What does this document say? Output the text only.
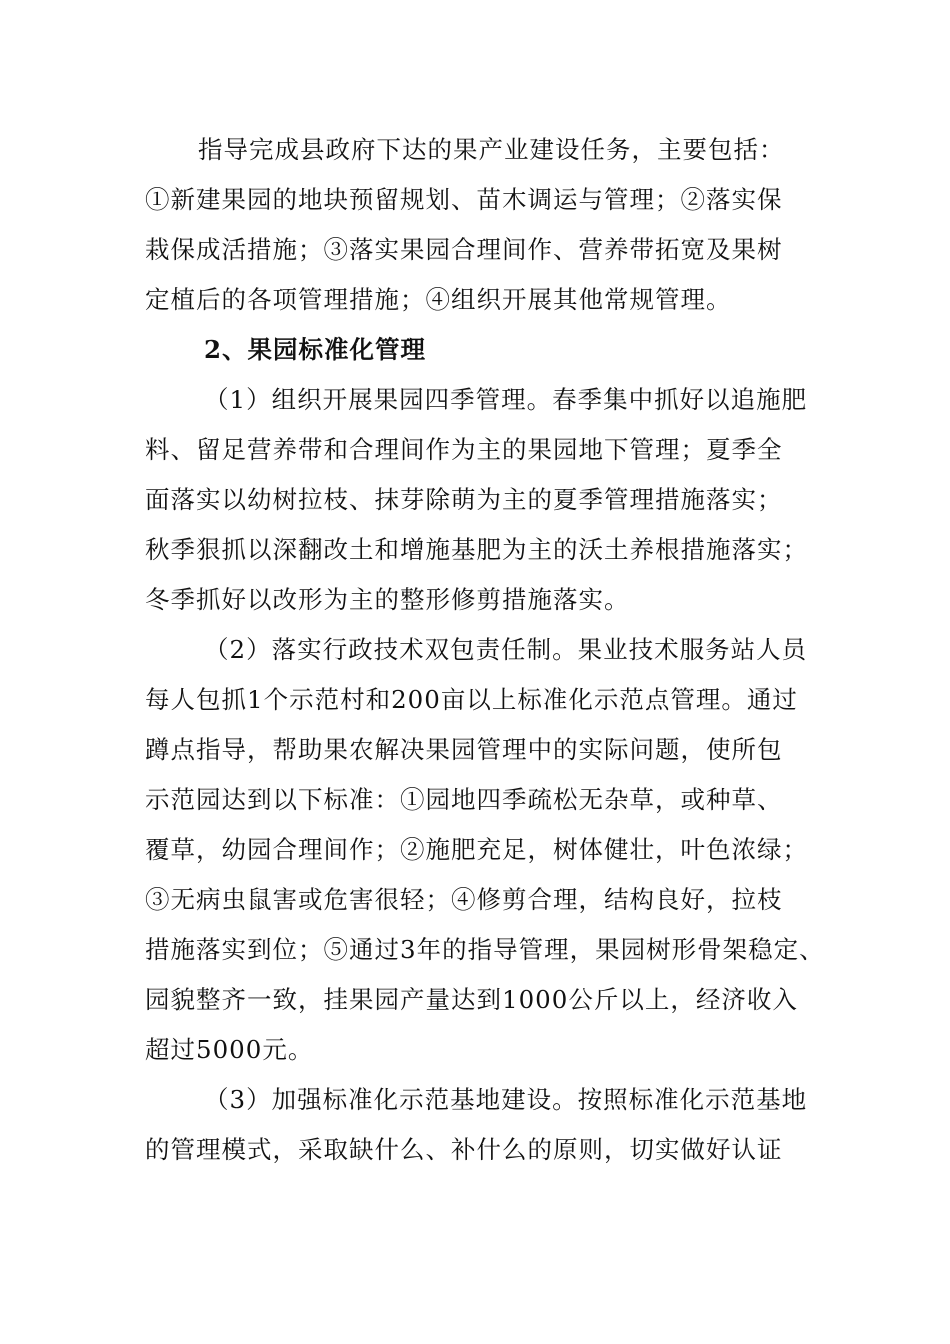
指导完成县政府下达的果产业建设任务，主要包括：
①新建果园的地块预留规划、苗木调运与管理；②落实保
栽保成活措施；③落实果园合理间作、营养带拓宽及果树
定植后的各项管理措施；④组织开展其他常规管理。
2、果园标准化管理
（1）组织开展果园四季管理。春季集中抓好以追施肥
料、留足营养带和合理间作为主的果园地下管理；夏季全
面落实以幼树拉枝、抹芽除萌为主的夏季管理措施落实；
秋季狠抓以深翻改土和增施基肥为主的沃土养根措施落实；
冬季抓好以改形为主的整形修剪措施落实。
（2）落实行政技术双包责任制。果业技术服务站人员
每人包抓1个示范村和200亩以上标准化示范点管理。通过
蹲点指导，帮助果农解决果园管理中的实际问题，使所包
示范园达到以下标准：①园地四季疏松无杂草，或种草、
覆草，幼园合理间作；②施肥充足，树体健壮，叶色浓绿；
③无病虫鼠害或危害很轻；④修剪合理，结构良好，拉枝
措施落实到位；⑤通过3年的指导管理，果园树形骨架稳定、
园貌整齐一致，挂果园产量达到1000公斤以上，经济收入
超过5000元。
（3）加强标准化示范基地建设。按照标准化示范基地
的管理模式，采取缺什么、补什么的原则，切实做好认证
